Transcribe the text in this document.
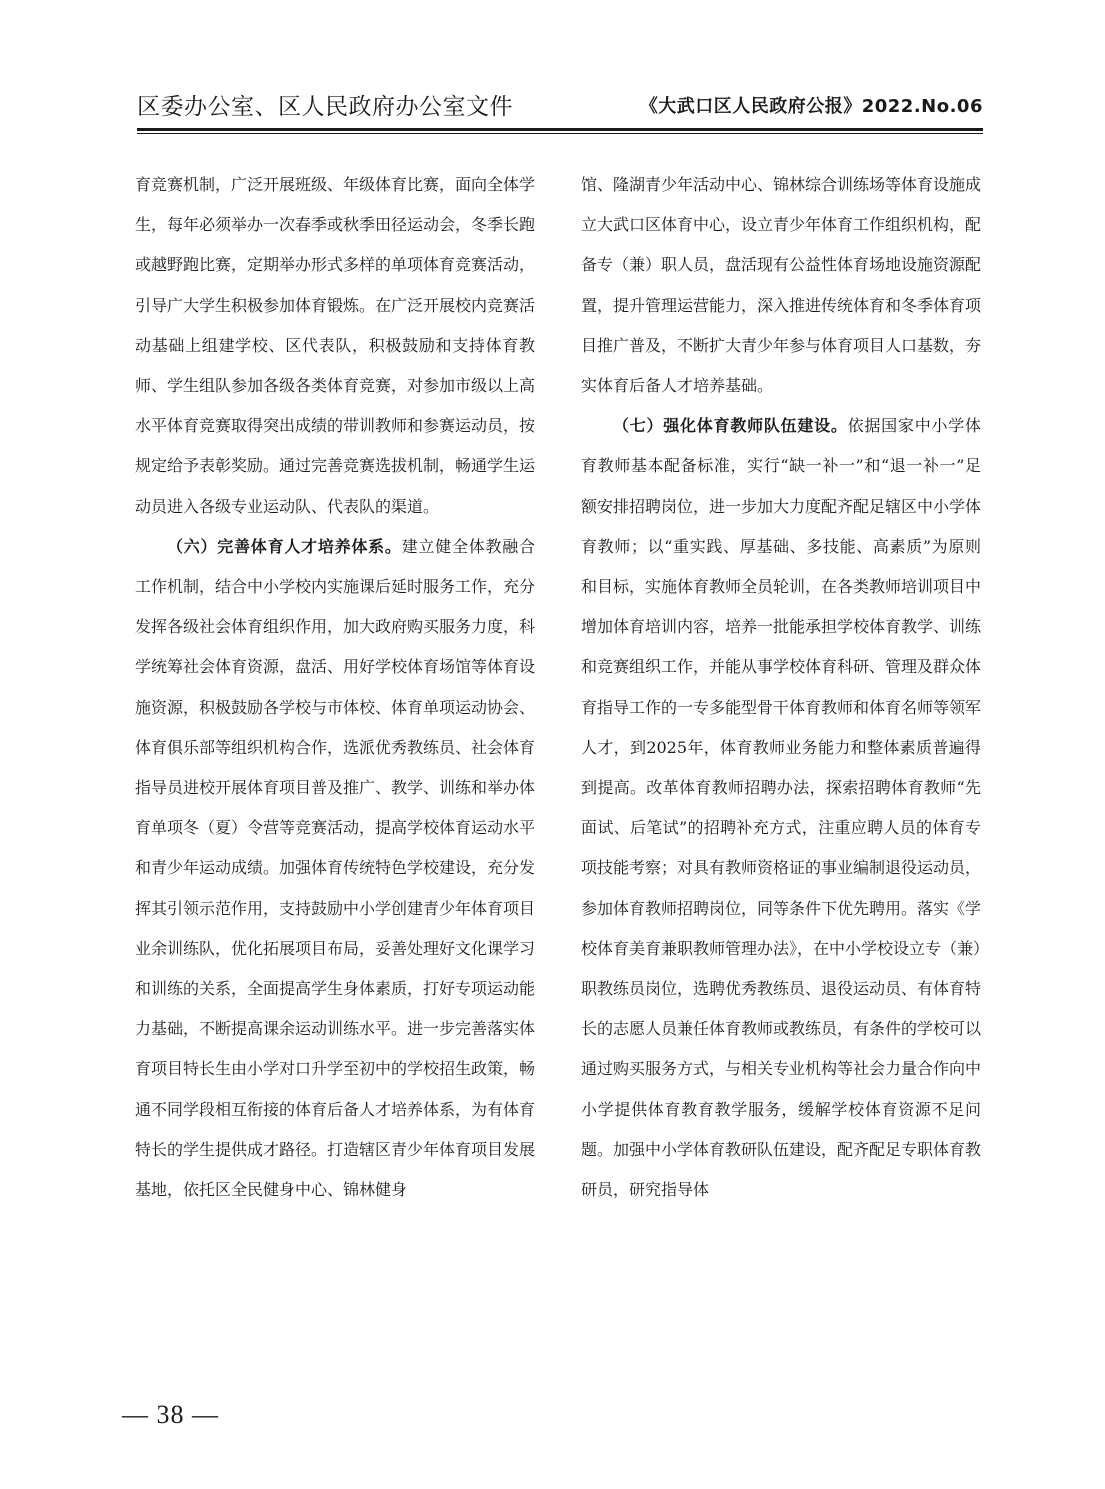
区委办公室、区人民政府办公室文件	《大武口区人民政府公报》2022.No.06

育竞赛机制，广泛开展班级、年级体育比赛，面向全体学生，每年必须举办一次春季或秋季田径运动会，冬季长跑或越野跑比赛，定期举办形式多样的单项体育竞赛活动，引导广大学生积极参加体育锻炼。在广泛开展校内竞赛活动基础上组建学校、区代表队，积极鼓励和支持体育教师、学生组队参加各级各类体育竞赛，对参加市级以上高水平体育竞赛取得突出成绩的带训教师和参赛运动员，按规定给予表彰奖励。通过完善竞赛选拔机制，畅通学生运动员进入各级专业运动队、代表队的渠道。

（六）完善体育人才培养体系。建立健全体教融合工作机制，结合中小学校内实施课后延时服务工作，充分发挥各级社会体育组织作用，加大政府购买服务力度，科学统筹社会体育资源，盘活、用好学校体育场馆等体育设施资源，积极鼓励各学校与市体校、体育单项运动协会、体育俱乐部等组织机构合作，选派优秀教练员、社会体育指导员进校开展体育项目普及推广、教学、训练和举办体育单项冬（夏）令营等竞赛活动，提高学校体育运动水平和青少年运动成绩。加强体育传统特色学校建设，充分发挥其引领示范作用，支持鼓励中小学创建青少年体育项目业余训练队，优化拓展项目布局，妥善处理好文化课学习和训练的关系，全面提高学生身体素质，打好专项运动能力基础，不断提高课余运动训练水平。进一步完善落实体育项目特长生由小学对口升学至初中的学校招生政策，畅通不同学段相互衔接的体育后备人才培养体系，为有体育特长的学生提供成才路径。打造辖区青少年体育项目发展基地，依托区全民健身中心、锦林健身

馆、隆湖青少年活动中心、锦林综合训练场等体育设施成立大武口区体育中心，设立青少年体育工作组织机构，配备专（兼）职人员，盘活现有公益性体育场地设施资源配置，提升管理运营能力，深入推进传统体育和冬季体育项目推广普及，不断扩大青少年参与体育项目人口基数，夯实体育后备人才培养基础。

（七）强化体育教师队伍建设。依据国家中小学体育教师基本配备标准，实行“缺一补一”和“退一补一”足额安排招聘岗位，进一步加大力度配齐配足辖区中小学体育教师；以“重实践、厚基础、多技能、高素质”为原则和目标，实施体育教师全员轮训，在各类教师培训项目中增加体育培训内容，培养一批能承担学校体育教学、训练和竞赛组织工作，并能从事学校体育科研、管理及群众体育指导工作的一专多能型骨干体育教师和体育名师等领军人才，到2025年，体育教师业务能力和整体素质普遍得到提高。改革体育教师招聘办法，探索招聘体育教师“先面试、后笔试”的招聘补充方式，注重应聘人员的体育专项技能考察；对具有教师资格证的事业编制退役运动员，参加体育教师招聘岗位，同等条件下优先聘用。落实《学校体育美育兼职教师管理办法》，在中小学校设立专（兼）职教练员岗位，选聘优秀教练员、退役运动员、有体育特长的志愿人员兼任体育教师或教练员，有条件的学校可以通过购买服务方式，与相关专业机构等社会力量合作向中小学提供体育教育教学服务，缓解学校体育资源不足问题。加强中小学体育教研队伍建设，配齐配足专职体育教研员，研究指导体

— 38 —
